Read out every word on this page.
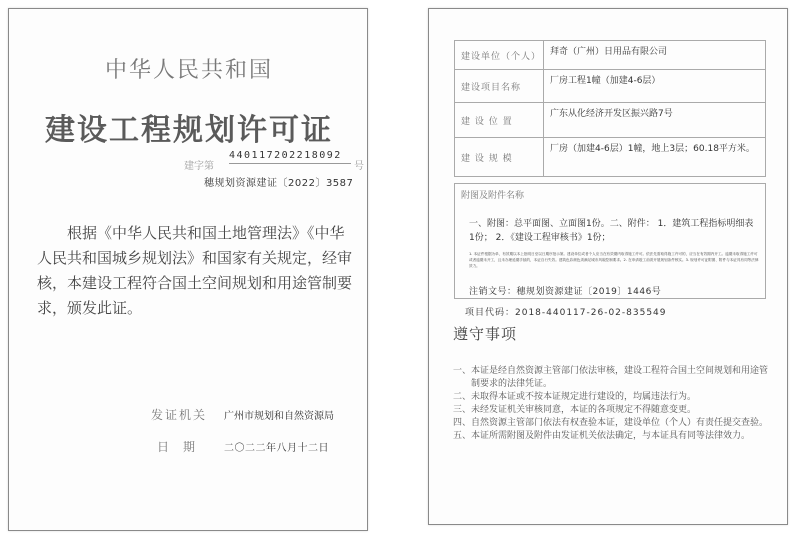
中华人民共和国
建设工程规划许可证
建字第
440117202218092
号
穗规划资源建证〔2022〕3587
根据《中华人民共和国土地管理法》《中华人民共和国城乡规划法》和国家有关规定，经审核，本建设工程符合国土空间规划和用途管制要求，颁发此证。
发证机关 广州市规划和自然资源局
日期 二〇二二年八月十二日
建设单位（个人）	拜奇（广州）日用品有限公司
建设项目名称	厂房工程1幢（加建4-6层）
建 设 位 置	广东从化经济开发区振兴路7号
建 设 规 模	厂房（加建4-6层）1幢，地上3层；60.18平方米。
附图及附件名称
一、附图：总平面图、立面图1份。二、附件： 1．建筑工程指标明细表1份； 2．《建设工程审核书》1份；
1. 本证件根据为单，有效期以本上批明日至以日期序批示第。建设单位或者个人应当在有效期内取得施工许可。依法先需取得施工许可的，应当在有效期内开工。逾期未取得施工许可或者逾期未开工，且未办理延期手续的，本证自行失效。建筑色彩颜色须满足城市风貌控制要求。2. 在申请竣工前须开展规划条件核实。3. 规划许可证附图、附件与本证具有同等法律效力。
注销文号：穗规划资源建证〔2019〕1446号
项目代码：2018-440117-26-02-835549
遵守事项
一、本证是经自然资源主管部门依法审核，建设工程符合国土空间规划和用途管制要求的法律凭证。
二、未取得本证或不按本证规定进行建设的，均属违法行为。
三、未经发证机关审核同意，本证的各项规定不得随意变更。
四、自然资源主管部门依法有权查验本证，建设单位（个人）有责任提交查验。
五、本证所需附图及附件由发证机关依法确定，与本证具有同等法律效力。
